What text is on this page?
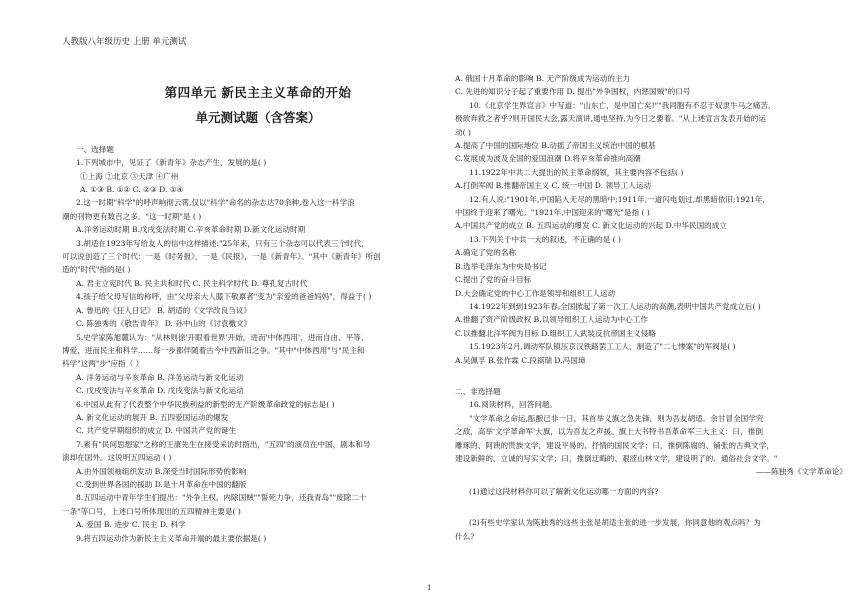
人教版八年级历史 上册 单元测试
第四单元 新民主主义革命的开始
单元测试题（含答案）
一、选择题
1.下列城市中，见证了《新青年》杂志产生、发展的是( )
①上海 ②北京 ③天津 ④广州
A. ①③ B. ①② C. ②③ D. ①④
2.这一时期"科学"的呼声响彻云霄,仅以"科学"命名的杂志达70余种,卷入这一科学浪
潮的刊物更有数百之多。"这一时期"是 ( )
A.洋务运动时期 B.戊戌变法时期 C.辛亥革命时期 D.新文化运动时期
3.胡适在1923年写给友人的信中这样描述:"25年来，只有三个杂志可以代表三个时代，
可以说创造了三个时代：一是《时务报》，一是《民报》，一是《新青年》。"其中《新青年》所创
造的"时代"指的是( )
A. 君主立宪时代 B. 民主共和时代 C. 民主科学时代 D. 尊孔复古时代
4.孩子给父母写信的称呼，由"父母亲大人膝下敬禀者"变为"亲爱的爸爸妈妈"，得益于( )
A. 鲁迅的《狂人日记》 B. 胡适的《文学改良刍议》
C. 陈独秀的《敬告青年》 D. 孙中山的《讨袁檄文》
5.史学家陈旭麓认为："从林则徐'开眼看世界'开始，进而'中体西用'，进而自由、平等、
博爱，进而民主和科学……每一步都伴随着古今中西新旧之争。"其中"中体西用"与"民主和
科学"这两"步"应指（ ）
A. 洋务运动与辛亥革命 B. 洋务运动与新文化运动
C. 戊戌变法与辛亥革命 D. 戊戌变法与新文化运动
6.中国从此有了代表整个中华民族利益的新型的无产阶级革命政党的标志是( )
A. 新文化运动的展开 B. 五四爱国运动的爆发
C. 共产党早期组织的成立 D. 中国共产党的诞生
7.素有"民间思想家"之称的王康先生在接受采访时指出，"五四"的演员在中国，剧本和导
演却在国外。这说明五四运动 ( )
A.由外国领袖组织发动 B.深受当时国际形势的影响
C.受到世界各国的援助 D.是十月革命在中国的翻版
8.五四运动中青年学生们提出："外争主权，内除国贼""誓死力争，还我青岛""废除二十
一条"等口号，上述口号所体现出的五四精神主要是( )
A. 爱国 B. 进步 C. 民主 D. 科学
9.将五四运动作为新民主主义革命开端的最主要依据是( )
A. 俄国十月革命的影响 B. 无产阶级成为运动的主力
C. 先进的知识分子起了重要作用 D. 提出"外争国权，内惩国贼"的口号
10.《北京学生界宣言》中写道："山东亡，是中国亡矣!""我同胞有不忍于奴隶牛马之痛苦,
极欲奔救之者乎?则开国民大会,露天演讲,通电坚持,为今日之要着。"从上述宣言发表开始的运
动( )
A.提高了中国的国际地位 B.动摇了帝国主义统治中国的根基
C.发展成为波及全国的爱国浪潮 D.将辛亥革命推向高潮
11.1922年中共二大提出的民主革命纲领，其主要内容不包括( )
A.打倒军阀 B.推翻帝国主义 C. 统一中国 D. 领导工人运动
12.有人说:"1901年,中国陷入无尽的黑暗中;1911年,一道闪电划过,却黑暗依旧;1921年,
中国终于迎来了曙光。"1921年,中国迎来的"曙光"是指 ( )
A.中国共产党的成立 B. 五四运动的爆发 C. 新文化运动的兴起 D.中华民国的成立
13.下列关于中共一大的叙述，不正确的是 ( )
A.确定了党的名称
B.选举毛泽东为中央局书记
C.提出了党的奋斗目标
D.大会确定党的中心工作是领导和组织工人运动
14.1922年到到1923年春,全国掀起了第一次工人运动的高潮,表明中国共产党成立后( )
A.推翻了资产阶级政权 B.以领导组织工人运动为中心工作
C.以推翻北洋军阀为目标 D.组织工人武装反抗帝国主义侵略
15.1923年2月,调动军队镇压京汉铁路罢工工人，制造了"二七惨案"的军阀是( )
A.吴佩孚 B.张作霖 C.段祺瑞 D.冯国璋
二、非选择题
16.阅读材料，回答问题。
"文学革命之命运,酝酿已非一日，其首举义旗之急先锋，则为吾友胡适。余甘冒全国学究
之敌，高举'文学革命军'大旗，以为吾友之声援。旗上大书特书吾革命军三大主义：曰，推倒
雕琢的、阿谀的贵族文学，建设平易的、抒情的国民文学；曰，推倒陈腐的、铺张的古典文学，
建设新鲜的、立诚的写实文学；曰，推倒迂晦的、艰涩山林文学，建设明了的、通俗社会文学。"
——陈独秀《文学革命论》
(1)通过这段材料你可以了解新文化运动哪一方面的内容?
(2)有些史学家认为陈独秀的这些主张是胡适主张的进一步发展，你同意他的观点吗？为
什么?
1
